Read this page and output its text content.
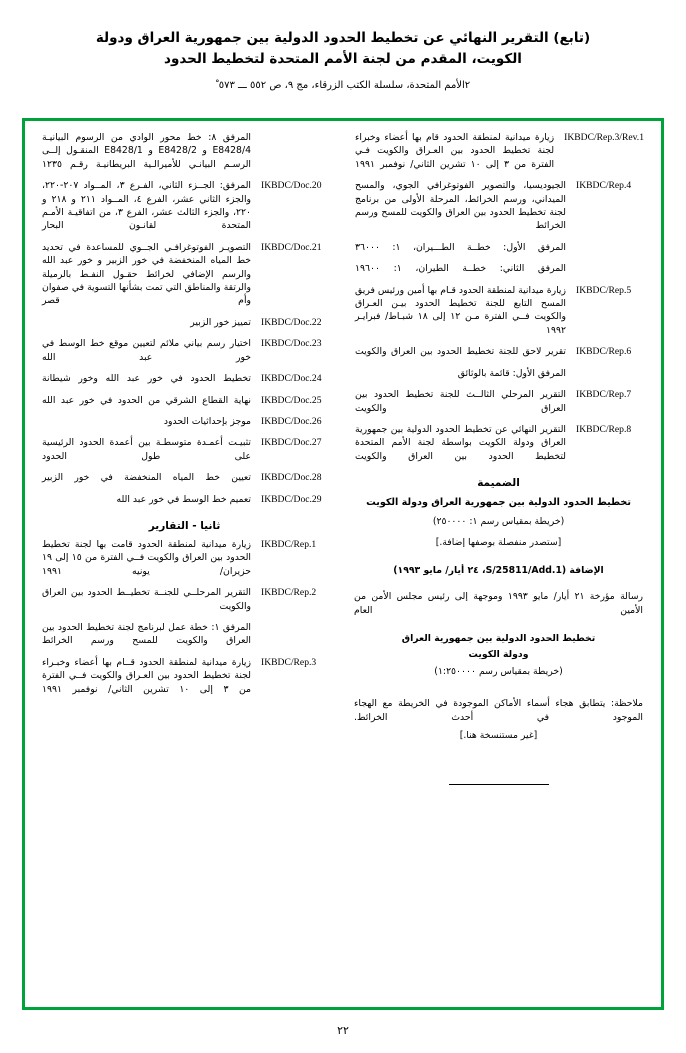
(تابع) التقرير النهائي عن تخطيط الحدود الدولية بين جمهورية العراق ودولة
الكويت، المقدم من لجنة الأمم المتحدة لتخطيط الحدود
٢الأمم المتحدة، سلسلة الكتب الزرقاء، مج ٩، ص ٥٥٢ ـــ ٥٧٣ ْ
IKBDC/Rep.3/Rev.1
زيارة ميدانية لمنطقة الحدود قام بها أعضاء وخبراء لجنة تخطيط الحدود بين العـراق والكويت فـي الفترة من ٣ إلى ١٠ تشرين الثاني/ نوفمبر ١٩٩١
IKBDC/Rep.4
الجيوديسيا، والتصوير الفوتوغرافي الجوي، والمسح الميداني، ورسم الخرائط، المرحلة الأولى من برنامج لجنة تخطيط الحدود بين العراق والكويت للمسح ورسم الخرائط
المرفق الأول: خطــة الطـــيران، ١: ٣٦٠٠٠
المرفق الثاني: خطــة الطيران، ١: ١٩٦٠٠
IKBDC/Rep.5
زيارة ميدانية لمنطقة الحدود قـام بها أمين ورئيس فريق المسح التابع للجنة تخطيط الحدود بيـن العـراق والكويت فــي الفترة مـن ١٢ إلى ١٨ شبـاط/ فبرايـر ١٩٩٢
IKBDC/Rep.6
تقرير لاحق للجنة تخطيط الحدود بين العراق والكويت
المرفق الأول: قائمة بالوثائق
IKBDC/Rep.7
التقرير المرحلي الثالــث للجنة تخطيط الحدود بين العراق والكويت
IKBDC/Rep.8
التقرير النهائي عن تخطيط الحدود الدولية بين جمهورية العراق ودولة الكويت بواسطة لجنة الأمم المتحدة لتخطيط الحدود بين العراق والكويت
الضميمة
تخطيط الحدود الدولية بين جمهورية العراق ودولة الكويت
(خريطة بمقياس رسم ١: ٢٥٠٠٠٠)
[ستصدر منفصلة بوصفها إضافة.]
الإضافة (S/25811/Add.1، ٢٤ أيار/ مايو ١٩٩٣)
رسالة مؤرخة ٢١ أيار/ مايو ١٩٩٣ وموجهة إلى رئيس مجلس الأمن من الأمين العام
تخطيط الحدود الدولية بين جمهورية العراق
ودولة الكويت
(خريطة بمقياس رسم ١:٢٥٠٠٠٠)
ملاحظة: يتطابق هجاء أسماء الأماكن الموجودة في الخريطة مع الهجاء الموجود في أحدث الخرائط.
[غير مستنسخة هنا.]
المرفق ٨: خط محور الوادي من الرسوم البيانيـة E8428/4 و E8428/2 و E8428/1 المنقـول إلــى الرسـم البيانـي للأميرالـية البريطانيـة رقـم ١٢٣٥
IKBDC/Doc.20
المرفق: الجــزء الثاني، الفـرع ٣، المــواد ٢٠٧-٢٢٠، والجزء الثاني عشر، الفرع ٤، المــواد ٢١١ و ٢١٨ و ٢٢٠، والجزء الثالث عشر، الفرع ٣، من اتفاقيـة الأمـم المتحدة لقانـون البحار
IKBDC/Doc.21
التصويـر الفوتوغرافـي الجــوي للمساعدة في تحديد خط المياه المنخفضة في خور الزبير و خور عبد الله والرسم الإضافي لخرائط حقـول النفـط بالرميلة والرتقة والمناطق التي تمت بشأنها التسوية في صفوان وأم قصر
IKBDC/Doc.22
تمييز خور الزبير
IKBDC/Doc.23
اختيار رسم بياني ملائم لتعيين موقع خط الوسط في خور عبد الله
IKBDC/Doc.24
تخطيط الحدود في خور عبد الله وخور شيطانة
IKBDC/Doc.25
نهاية القطاع الشرقي من الحدود في خور عبد الله
IKBDC/Doc.26
موجز بإحداثيات الحدود
IKBDC/Doc.27
تثبيـت أعمـدة متوسطـة بين أعمدة الحدود الرئيسية على طول الحدود
IKBDC/Doc.28
تعيين خط المياه المنخفضة في خور الزبير
IKBDC/Doc.29
تعميم خط الوسط في خور عبد الله
ثانيا - التقارير
IKBDC/Rep.1
زيارة ميدانية لمنطقة الحدود قامت بها لجنة تخطيط الحدود بين العراق والكويت فــي الفترة من ١٥ إلى ١٩ حزيران/ يونيه ١٩٩١
IKBDC/Rep.2
التقرير المرحلــي للجنــة تخطيــط الحدود بين العراق والكويت
المرفق ١: خطة عمل لبرنامج لجنة تخطيط الحدود بين العراق والكويت للمسح ورسم الخرائط
IKBDC/Rep.3
زيارة ميدانية لمنطقة الحدود قــام بها أعضاء وخبـراء لجنة تخطيط الحدود بين العـراق والكويت فــي الفترة من ٣ إلى ١٠ تشرين الثاني/ نوفمبر ١٩٩١
٢٢
